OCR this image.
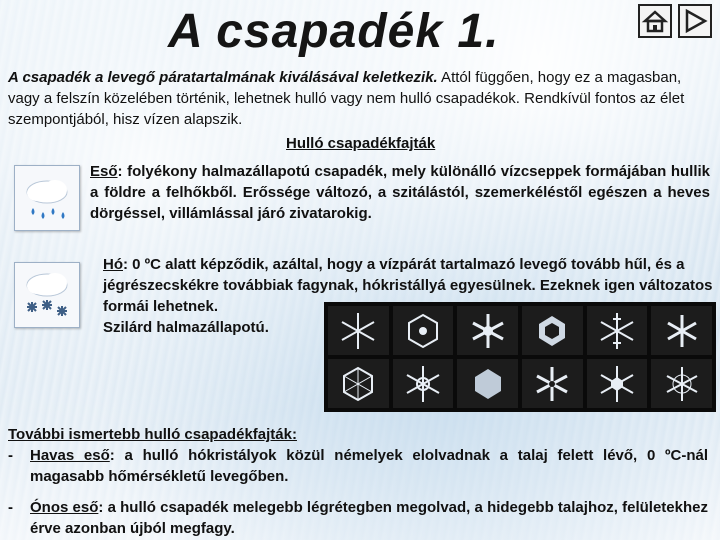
A csapadék 1.
A csapadék a levegő páratartalmának kiválásával keletkezik. Attól függően, hogy ez a magasban, vagy a felszín közelében történik, lehetnek hulló vagy nem hulló csapadékok. Rendkívül fontos az élet szempontjából, hisz vízen alapszik.
Hulló csapadékfajták
Eső: folyékony halmazállapotú csapadék, mely különálló vízcseppek formájában hullik a földre a felhőkből. Erőssége változó, a szitálástól, szemerkéléstől egészen a heves dörgéssel, villámlással járó zivatarokig.
Hó: 0 ºC alatt képződik, azáltal, hogy a vízpárát tartalmazó levegő tovább hűl, és a jégrészecskékre továbbiak fagynak, hókristállyá egyesülnek. Ezeknek igen változatos formái lehetnek.
Szilárd halmazállapotú.
További ismertebb hulló csapadékfajták:
-	Havas eső: a hulló hókristályok közül némelyek elolvadnak a talaj felett lévő, 0 ºC-nál magasabb hőmérsékletű levegőben.
-	Ónos eső: a hulló csapadék melegebb légrétegben megolvad, a hidegebb talajhoz, felületekhez érve azonban újból megfagy.
